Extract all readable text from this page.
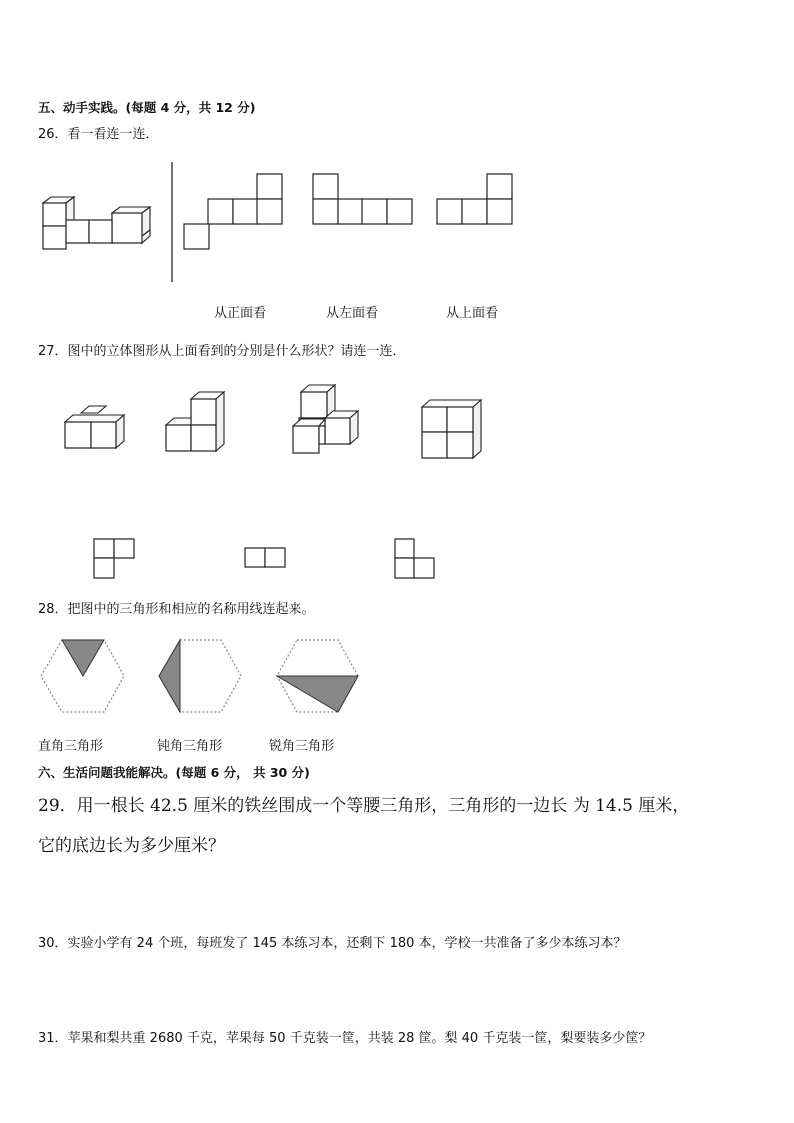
五、动手实践。(每题 4 分，共 12 分)
26．看一看连一连．
从正面看	从左面看	从上面看
27．图中的立体图形从上面看到的分别是什么形状？请连一连．
28．把图中的三角形和相应的名称用线连起来。
直角三角形	钝角三角形	锐角三角形
六、生活问题我能解决。(每题 6 分， 共 30 分)
29．用一根长 42.5 厘米的铁丝围成一个等腰三角形，三角形的一边长 为 14.5 厘米，
它的底边长为多少厘米？
30．实验小学有 24 个班，每班发了 145 本练习本，还剩下 180 本，学校一共准备了多少本练习本？
31．苹果和梨共重 2680 千克，苹果每 50 千克装一筐，共装 28 筐。梨 40 千克装一筐，梨要装多少筐？
